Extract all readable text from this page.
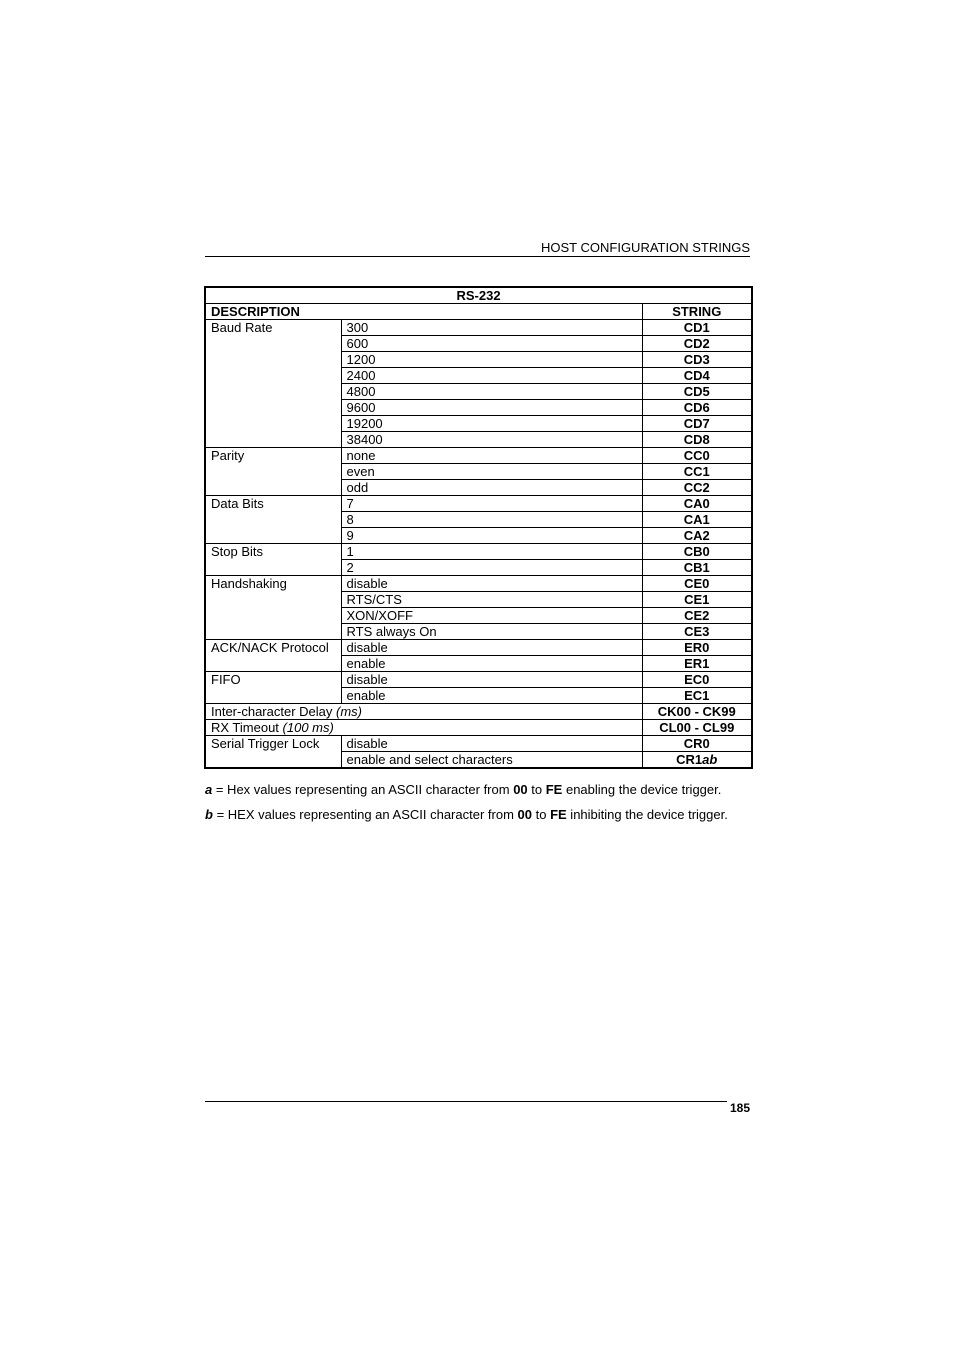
HOST CONFIGURATION STRINGS
RS-232		
DESCRIPTION		STRING
Baud Rate	300	CD1
	600	CD2
	1200	CD3
	2400	CD4
	4800	CD5
	9600	CD6
	19200	CD7
	38400	CD8
Parity	none	CC0
	even	CC1
	odd	CC2
Data Bits	7	CA0
	8	CA1
	9	CA2
Stop Bits	1	CB0
	2	CB1
Handshaking	disable	CE0
	RTS/CTS	CE1
	XON/XOFF	CE2
	RTS always On	CE3
ACK/NACK Protocol	disable	ER0
	enable	ER1
FIFO	disable	EC0
	enable	EC1
Inter-character Delay (ms)		CK00 - CK99
RX Timeout (100 ms)		CL00 - CL99
Serial Trigger Lock	disable	CR0
	enable and select characters	CR1ab
a = Hex values representing an ASCII character from 00 to FE enabling the device trigger.
b = HEX values representing an ASCII character from 00 to FE inhibiting the device trigger.
185
